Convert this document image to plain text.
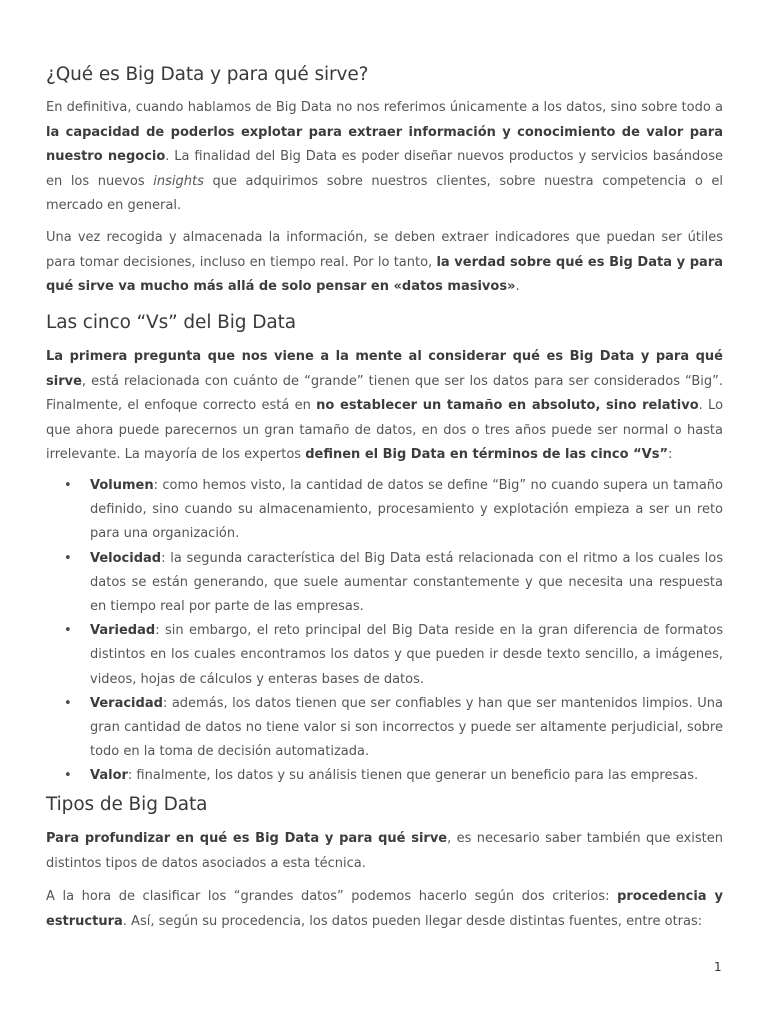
¿Qué es Big Data y para qué sirve?

En definitiva, cuando hablamos de Big Data no nos referimos únicamente a los datos, sino sobre todo a la capacidad de poderlos explotar para extraer información y conocimiento de valor para nuestro negocio. La finalidad del Big Data es poder diseñar nuevos productos y servicios basándose en los nuevos insights que adquirimos sobre nuestros clientes, sobre nuestra competencia o el mercado en general.

Una vez recogida y almacenada la información, se deben extraer indicadores que puedan ser útiles para tomar decisiones, incluso en tiempo real. Por lo tanto, la verdad sobre qué es Big Data y para qué sirve va mucho más allá de solo pensar en «datos masivos».

Las cinco “Vs” del Big Data

La primera pregunta que nos viene a la mente al considerar qué es Big Data y para qué sirve, está relacionada con cuánto de “grande” tienen que ser los datos para ser considerados “Big”. Finalmente, el enfoque correcto está en no establecer un tamaño en absoluto, sino relativo. Lo que ahora puede parecernos un gran tamaño de datos, en dos o tres años puede ser normal o hasta irrelevante. La mayoría de los expertos definen el Big Data en términos de las cinco “Vs”:

• Volumen: como hemos visto, la cantidad de datos se define “Big” no cuando supera un tamaño definido, sino cuando su almacenamiento, procesamiento y explotación empieza a ser un reto para una organización.
• Velocidad: la segunda característica del Big Data está relacionada con el ritmo a los cuales los datos se están generando, que suele aumentar constantemente y que necesita una respuesta en tiempo real por parte de las empresas.
• Variedad: sin embargo, el reto principal del Big Data reside en la gran diferencia de formatos distintos en los cuales encontramos los datos y que pueden ir desde texto sencillo, a imágenes, videos, hojas de cálculos y enteras bases de datos.
• Veracidad: además, los datos tienen que ser confiables y han que ser mantenidos limpios. Una gran cantidad de datos no tiene valor si son incorrectos y puede ser altamente perjudicial, sobre todo en la toma de decisión automatizada.
• Valor: finalmente, los datos y su análisis tienen que generar un beneficio para las empresas.
Tipos de Big Data

Para profundizar en qué es Big Data y para qué sirve, es necesario saber también que existen distintos tipos de datos asociados a esta técnica.

A la hora de clasificar los “grandes datos” podemos hacerlo según dos criterios: procedencia y estructura. Así, según su procedencia, los datos pueden llegar desde distintas fuentes, entre otras:

1
